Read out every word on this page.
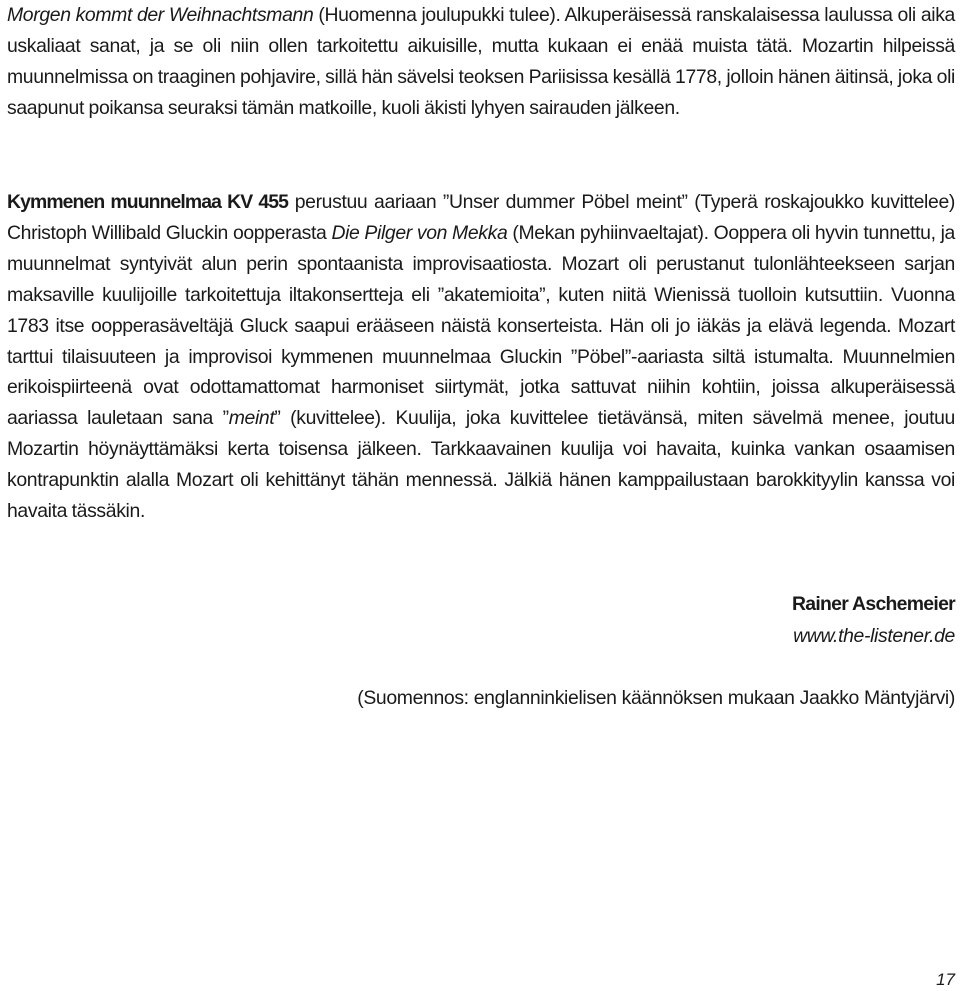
Morgen kommt der Weihnachtsmann (Huomenna joulupukki tulee). Alkuperäisessä ranskalaisessa laulussa oli aika uskaliaat sanat, ja se oli niin ollen tarkoitettu aikuisille, mutta kukaan ei enää muista tätä. Mozartin hilpeissä muunnelmissa on traaginen pohjavire, sillä hän sävelsi teoksen Pariisissa kesällä 1778, jolloin hänen äitinsä, joka oli saapunut poikansa seuraksi tämän matkoille, kuoli äkisti lyhyen sairauden jälkeen.

Kymmenen muunnelmaa KV 455 perustuu aariaan ”Unser dummer Pöbel meint” (Typerä roskajoukko kuvittelee) Christoph Willibald Gluckin oopperasta Die Pilger von Mekka (Mekan pyhiinvaeltajat). Ooppera oli hyvin tunnettu, ja muunnelmat syntyivät alun perin spontaanista improvisaatiosta. Mozart oli perustanut tulonlähteekseen sarjan maksaville kuulijoille tarkoitettuja iltakonsertteja eli ”akatemioita”, kuten niitä Wienissä tuolloin kutsuttiin. Vuonna 1783 itse oopperasäveltäjä Gluck saapui erääseen näistä konserteista. Hän oli jo iäkäs ja elävä legenda. Mozart tarttui tilaisuuteen ja improvisoi kymmenen muunnelmaa Gluckin ”Pöbel”-aariasta siltä istumalta. Muunnelmien erikoispiirteenä ovat odottamattomat harmoniset siirtymät, jotka sattuvat niihin kohtiin, joissa alkuperäisessä aariassa lauletaan sana ”meint” (kuvittelee). Kuulija, joka kuvittelee tietävänsä, miten sävelmä menee, joutuu Mozartin höynäyttämäksi kerta toisensa jälkeen. Tarkkaavainen kuulija voi havaita, kuinka vankan osaamisen kontrapunktin alalla Mozart oli kehittänyt tähän mennessä. Jälkiä hänen kamppailustaan barokkityylin kanssa voi havaita tässäkin.

Rainer Aschemeier
www.the-listener.de
(Suomennos: englanninkielisen käännöksen mukaan Jaakko Mäntyjärvi)
17
